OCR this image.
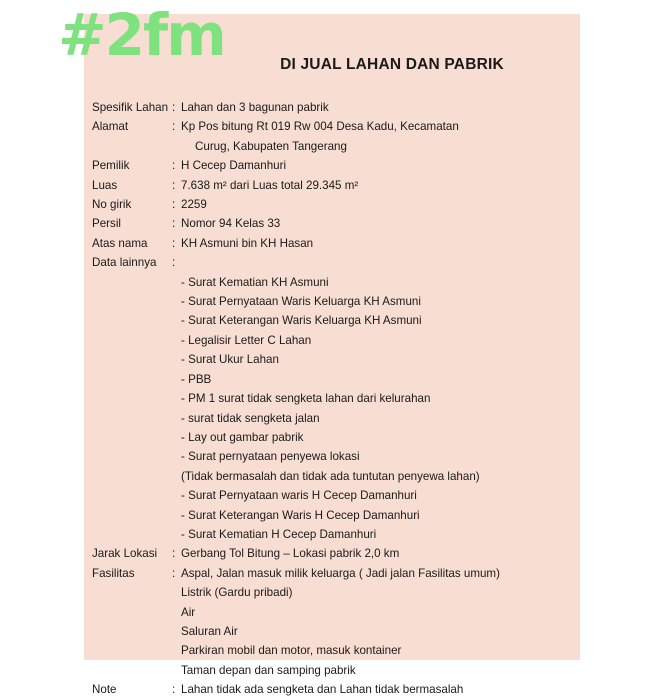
DI JUAL LAHAN DAN PABRIK
Spesifik Lahan : Lahan dan 3 bagunan pabrik
Alamat	: Kp Pos bitung Rt 019 Rw 004 Desa Kadu, Kecamatan
Curug, Kabupaten Tangerang
Pemilik	: H Cecep Damanhuri
Luas	: 7.638 m² dari Luas total 29.345 m²
No girik	: 2259
Persil	: Nomor 94 Kelas 33
Atas nama	: KH Asmuni bin KH Hasan
Data lainnya	:
- Surat Kematian KH Asmuni
- Surat Pernyataan Waris Keluarga KH Asmuni
- Surat Keterangan Waris Keluarga KH Asmuni
- Legalisir Letter C Lahan
- Surat Ukur Lahan
- PBB
- PM 1 surat tidak sengketa lahan dari kelurahan
- surat tidak sengketa jalan
- Lay out gambar pabrik
- Surat pernyataan penyewa lokasi
(Tidak bermasalah dan tidak ada tuntutan penyewa lahan)
- Surat Pernyataan waris H Cecep Damanhuri
- Surat Keterangan Waris H Cecep Damanhuri
- Surat Kematian H Cecep Damanhuri
Jarak Lokasi	: Gerbang Tol Bitung – Lokasi pabrik 2,0 km
Fasilitas	: Aspal, Jalan masuk milik keluarga ( Jadi jalan Fasilitas umum)
Listrik (Gardu pribadi)
Air
Saluran Air
Parkiran mobil dan motor, masuk kontainer
Taman depan dan samping pabrik
Note	: Lahan tidak ada sengketa dan Lahan tidak bermasalah
#2fm
